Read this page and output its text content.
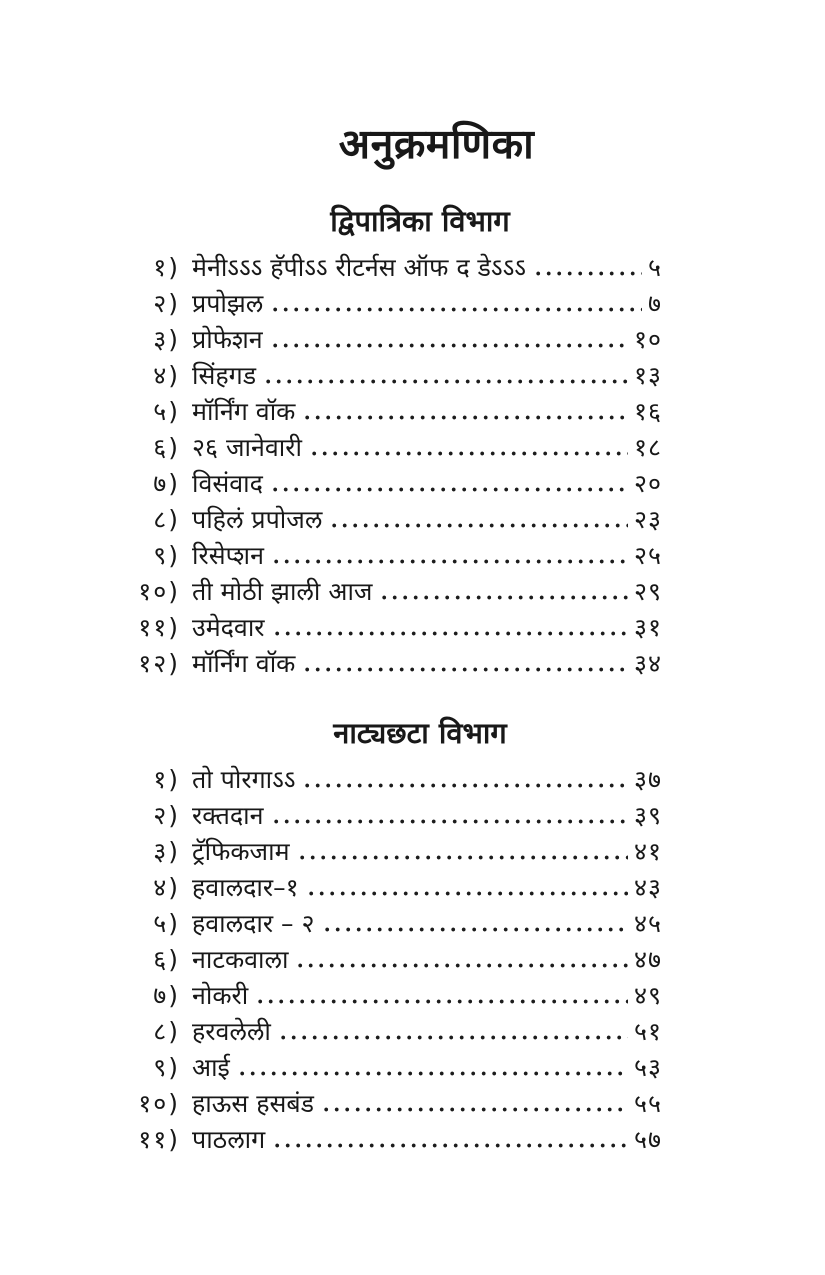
अनुक्रमणिका
द्विपात्रिका विभाग
१) मेनीऽऽऽ हॅपीऽऽ रीटर्नस ऑफ द डेऽऽऽ	५
२) प्रपोझल	७
३) प्रोफेशन	१०
४) सिंहगड	१३
५) मॉर्निंग वॉक	१६
६) २६ जानेवारी	१८
७) विसंवाद	२०
८) पहिलं प्रपोजल	२३
९) रिसेप्शन	२५
१०) ती मोठी झाली आज	२९
११) उमेदवार	३१
१२) मॉर्निंग वॉक	३४
नाट्यछटा विभाग
१) तो पोरगाऽऽ	३७
२) रक्तदान	३९
३) ट्रॅफिकजाम	४१
४) हवालदार–१	४३
५) हवालदार – २	४५
६) नाटकवाला	४७
७) नोकरी	४९
८) हरवलेली	५१
९) आई	५३
१०) हाऊस हसबंड	५५
११) पाठलाग	५७
